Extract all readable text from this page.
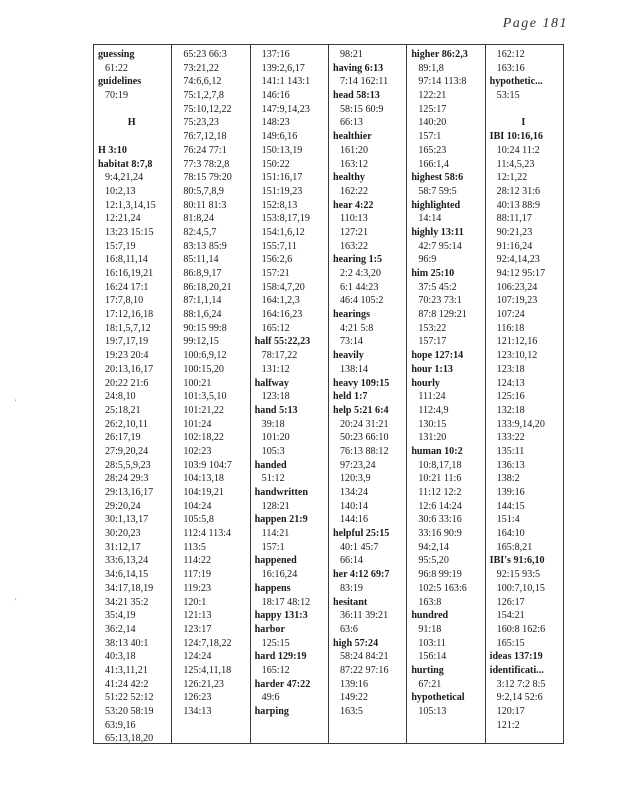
Page 181
'
'
guessing
61:22
guidelines
70:19
H
H 3:10
habitat 8:7,8
9:4,21,24
10:2,13
12:1,3,14,15
12:21,24
13:23 15:15
15:7,19
16:8,11,14
16:16,19,21
16:24 17:1
17:7,8,10
17:12,16,18
18:1,5,7,12
19:7,17,19
19:23 20:4
20:13,16,17
20:22 21:6
24:8,10
25:18,21
26:2,10,11
26:17,19
27:9,20,24
28:5,5,9,23
28:24 29:3
29:13,16,17
29:20,24
30:1,13,17
30:20,23
31:12,17
33:6,13,24
34:6,14,15
34:17,18,19
34:21 35:2
35:4,19
36:2,14
38:13 40:1
40:3,18
41:3,11,21
41:24 42:2
51:22 52:12
53:20 58:19
63:9,16
65:13,18,20
65:23 66:3
73:21,22
74:6,6,12
75:1,2,7,8
75:10,12,22
75:23,23
76:7,12,18
76:24 77:1
77:3 78:2,8
78:15 79:20
80:5,7,8,9
80:11 81:3
81:8,24
82:4,5,7
83:13 85:9
85:11,14
86:8,9,17
86:18,20,21
87:1,1,14
88:1,6,24
90:15 99:8
99:12,15
100:6,9,12
100:15,20
100:21
101:3,5,10
101:21,22
101:24
102:18,22
102:23
103:9 104:7
104:13,18
104:19,21
104:24
105:5,8
112:4 113:4
113:5
114:22
117:19
119:23
120:1
121:13
123:17
124:7,18,22
124:24
125:4,11,18
126:21,23
126:23
134:13
137:16
139:2,6,17
141:1 143:1
146:16
147:9,14,23
148:23
149:6,16
150:13,19
150:22
151:16,17
151:19,23
152:8,13
153:8,17,19
154:1,6,12
155:7,11
156:2,6
157:21
158:4,7,20
164:1,2,3
164:16,23
165:12
half 55:22,23
78:17,22
131:12
halfway
123:18
hand 5:13
39:18
101:20
105:3
handed
51:12
handwritten
128:21
happen 21:9
114:21
157:1
happened
16:16,24
happens
18:17 48:12
happy 131:3
harbor
125:15
hard 129:19
165:12
harder 47:22
49:6
harping
98:21
having 6:13
7:14 162:11
head 58:13
58:15 60:9
66:13
healthier
161:20
163:12
healthy
162:22
hear 4:22
110:13
127:21
163:22
hearing 1:5
2:2 4:3,20
6:1 44:23
46:4 105:2
hearings
4:21 5:8
73:14
heavily
138:14
heavy 109:15
held 1:7
help 5:21 6:4
20:24 31:21
50:23 66:10
76:13 88:12
97:23,24
120:3,9
134:24
140:14
144:16
helpful 25:15
40:1 45:7
66:14
her 4:12 69:7
83:19
hesitant
36:11 39:21
63:6
high 57:24
58:24 84:21
87:22 97:16
139:16
149:22
163:5
higher 86:2,3
89:1,8
97:14 113:8
122:21
125:17
140:20
157:1
165:23
166:1,4
highest 58:6
58:7 59:5
highlighted
14:14
highly 13:11
42:7 95:14
96:9
him 25:10
37:5 45:2
70:23 73:1
87:8 129:21
153:22
157:17
hope 127:14
hour 1:13
hourly
111:24
112:4,9
130:15
131:20
human 10:2
10:8,17,18
10:21 11:6
11:12 12:2
12:6 14:24
30:6 33:16
33:16 90:9
94:2,14
95:5,20
96:8 99:19
102:5 163:6
163:8
hundred
91:18
103:11
156:14
hurting
67:21
hypothetical
105:13
162:12
163:16
hypothetic...
53:15
I
IBI 10:16,16
10:24 11:2
11:4,5,23
12:1,22
28:12 31:6
40:13 88:9
88:11,17
90:21,23
91:16,24
92:4,14,23
94:12 95:17
106:23,24
107:19,23
107:24
116:18
121:12,16
123:10,12
123:18
124:13
125:16
132:18
133:9,14,20
133:22
135:11
136:13
138:2
139:16
144:15
151:4
164:10
165:8,21
IBI's 91:6,10
92:15 93:5
100:7,10,15
126:17
154:21
160:8 162:6
165:15
ideas 137:19
identificati...
3:12 7:2 8:5
9:2,14 52:6
120:17
121:2
